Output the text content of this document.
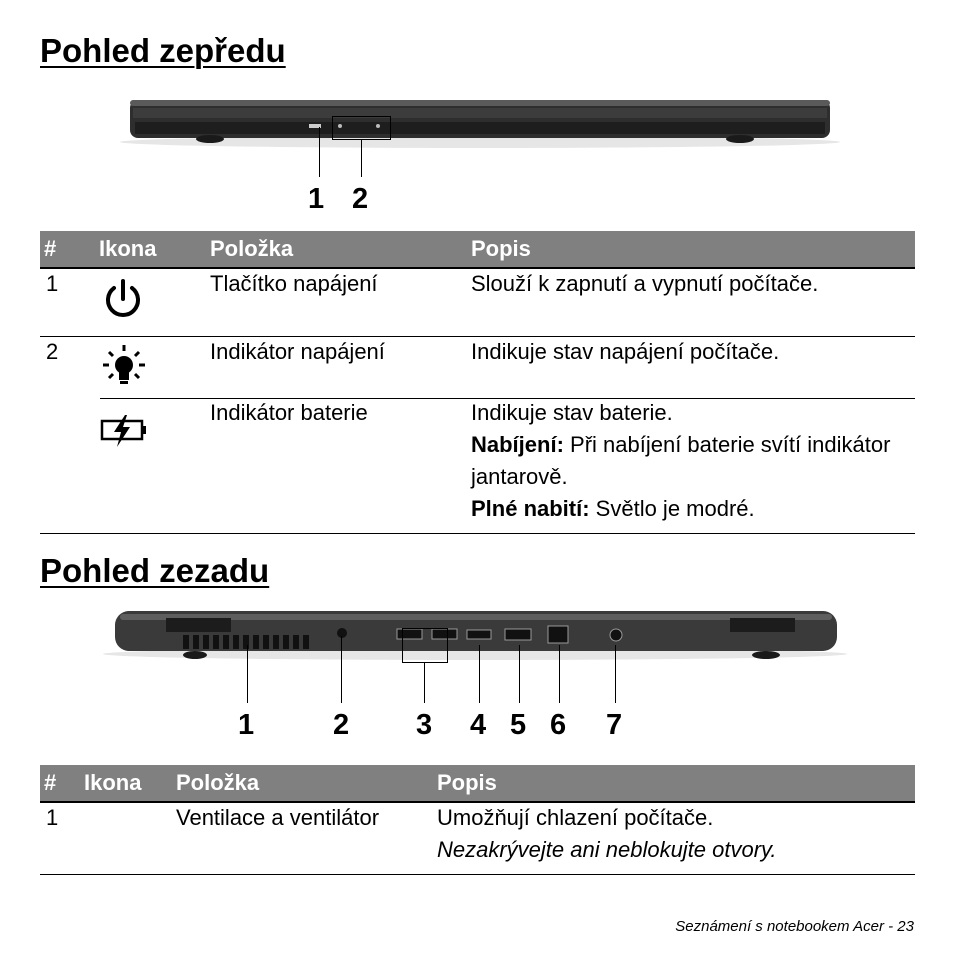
Pohled zepředu
1 2
# Ikona Položka	Popis
1	Tlačítko napájení	Slouží k zapnutí a vypnutí počítače.
2	Indikátor napájení	Indikuje stav napájení počítače.
Indikátor baterie	Indikuje stav baterie.
Nabíjení: Při nabíjení baterie svítí indikátor jantarově.
Plné nabití: Světlo je modré.
Pohled zezadu
1	2 3 4 5 6 7
# Ikona Položka	Popis
1	Ventilace a ventilátor	Umožňují chlazení počítače.
Nezakrývejte ani neblokujte otvory.
Seznámení s notebookem Acer - 23
